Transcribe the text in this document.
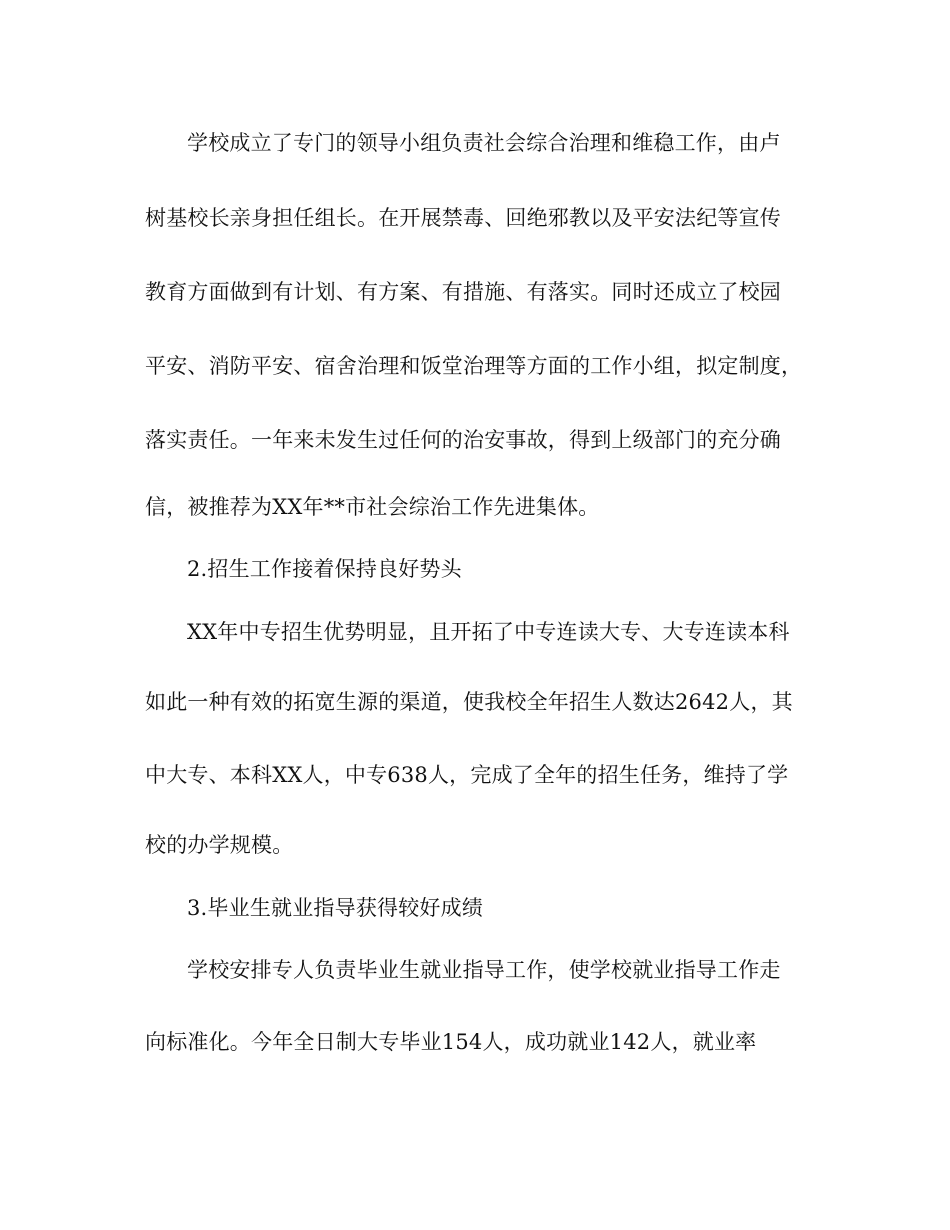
学校成立了专门的领导小组负责社会综合治理和维稳工作，由卢
树基校长亲身担任组长。在开展禁毒、回绝邪教以及平安法纪等宣传
教育方面做到有计划、有方案、有措施、有落实。同时还成立了校园
平安、消防平安、宿舍治理和饭堂治理等方面的工作小组，拟定制度，
落实责任。一年来未发生过任何的治安事故，得到上级部门的充分确
信，被推荐为XX年**市社会综治工作先进集体。
2.招生工作接着保持良好势头
XX年中专招生优势明显，且开拓了中专连读大专、大专连读本科
如此一种有效的拓宽生源的渠道，使我校全年招生人数达2642人，其
中大专、本科XX人，中专638人，完成了全年的招生任务，维持了学
校的办学规模。
3.毕业生就业指导获得较好成绩
学校安排专人负责毕业生就业指导工作，使学校就业指导工作走
向标准化。今年全日制大专毕业154人，成功就业142人，就业率
